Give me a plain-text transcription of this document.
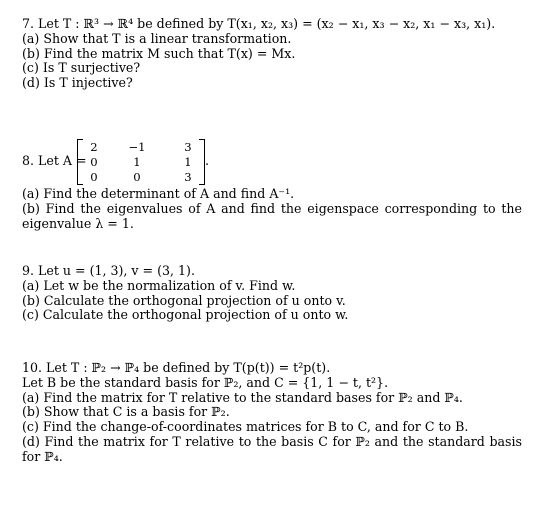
7. Let T : ℝ³ → ℝ⁴ be defined by T(x₁, x₂, x₃) = (x₂ − x₁, x₃ − x₂, x₁ − x₃, x₁).
(a) Show that T is a linear transformation.
(b) Find the matrix M such that T(x) = Mx.
(c) Is T surjective?
(d) Is T injective?
8. Let A =
2	−1	3
0	1	1
0	0	3
.
(a) Find the determinant of A and find A⁻¹.
(b) Find the eigenvalues of A and find the eigenspace corresponding to the eigenvalue λ = 1.
9. Let u = (1, 3), v = (3, 1).
(a) Let w be the normalization of v. Find w.
(b) Calculate the orthogonal projection of u onto v.
(c) Calculate the orthogonal projection of u onto w.
10. Let T : ℙ₂ → ℙ₄ be defined by T(p(t)) = t²p(t).
Let B be the standard basis for ℙ₂, and C = {1, 1 − t, t²}.
(a) Find the matrix for T relative to the standard bases for ℙ₂ and ℙ₄.
(b) Show that C is a basis for ℙ₂.
(c) Find the change-of-coordinates matrices for B to C, and for C to B.
(d) Find the matrix for T relative to the basis C for ℙ₂ and the standard basis for ℙ₄.
